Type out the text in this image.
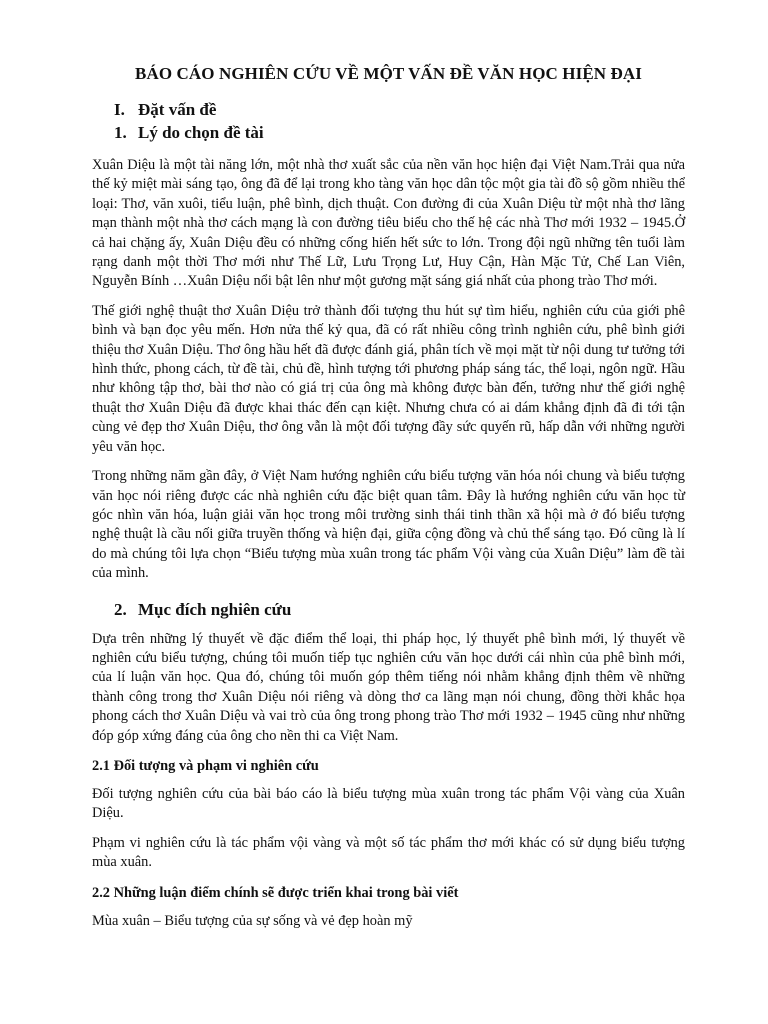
BÁO CÁO NGHIÊN CỨU VỀ MỘT VẤN ĐỀ VĂN HỌC HIỆN ĐẠI
I. Đặt vấn đề
1. Lý do chọn đề tài

Xuân Diệu là một tài năng lớn, một nhà thơ xuất sắc của nền văn học hiện đại Việt Nam.Trải qua nửa thế kỷ miệt mài sáng tạo, ông đã để lại trong kho tàng văn học dân tộc một gia tài đồ sộ gồm nhiều thể loại: Thơ, văn xuôi, tiểu luận, phê bình, dịch thuật. Con đường đi của Xuân Diệu từ một nhà thơ lãng mạn thành một nhà thơ cách mạng là con đường tiêu biểu cho thế hệ các nhà Thơ mới 1932 – 1945.Ở cả hai chặng ấy, Xuân Diệu đều có những cống hiến hết sức to lớn. Trong đội ngũ những tên tuổi làm rạng danh một thời Thơ mới như Thế Lữ, Lưu Trọng Lư, Huy Cận, Hàn Mặc Tử, Chế Lan Viên, Nguyễn Bính …Xuân Diệu nổi bật lên như một gương mặt sáng giá nhất của phong trào Thơ mới.

Thế giới nghệ thuật thơ Xuân Diệu trở thành đối tượng thu hút sự tìm hiểu, nghiên cứu của giới phê bình và bạn đọc yêu mến. Hơn nửa thế kỷ qua, đã có rất nhiều công trình nghiên cứu, phê bình giới thiệu thơ Xuân Diệu. Thơ ông hầu hết đã được đánh giá, phân tích về mọi mặt từ nội dung tư tưởng tới hình thức, phong cách, từ đề tài, chủ đề, hình tượng tới phương pháp sáng tác, thể loại, ngôn ngữ. Hầu như không tập thơ, bài thơ nào có giá trị của ông mà không được bàn đến, tưởng như thế giới nghệ thuật thơ Xuân Diệu đã được khai thác đến cạn kiệt. Nhưng chưa có ai dám khẳng định đã đi tới tận cùng vẻ đẹp thơ Xuân Diệu, thơ ông vẫn là một đối tượng đầy sức quyến rũ, hấp dẫn với những người yêu văn học.

Trong những năm gần đây, ở Việt Nam hướng nghiên cứu biểu tượng văn hóa nói chung và biểu tượng văn học nói riêng được các nhà nghiên cứu đặc biệt quan tâm. Đây là hướng nghiên cứu văn học từ góc nhìn văn hóa, luận giải văn học trong môi trường sinh thái tinh thần xã hội mà ở đó biểu tượng nghệ thuật là cầu nối giữa truyền thống và hiện đại, giữa cộng đồng và chủ thể sáng tạo. Đó cũng là lí do mà chúng tôi lựa chọn “Biểu tượng mùa xuân trong tác phẩm Vội vàng của Xuân Diệu” làm đề tài của mình.

2. Mục đích nghiên cứu

Dựa trên những lý thuyết về đặc điểm thể loại, thi pháp học, lý thuyết phê bình mới, lý thuyết về nghiên cứu biểu tượng, chúng tôi muốn tiếp tục nghiên cứu văn học dưới cái nhìn của phê bình mới, của lí luận văn học. Qua đó, chúng tôi muốn góp thêm tiếng nói nhằm khẳng định thêm về những thành công trong thơ Xuân Diệu nói riêng và dòng thơ ca lãng mạn nói chung, đồng thời khắc họa phong cách thơ Xuân Diệu và vai trò của ông trong phong trào Thơ mới 1932 – 1945 cũng như những đóp góp xứng đáng của ông cho nền thi ca Việt Nam.

2.1 Đối tượng và phạm vi nghiên cứu

Đối tượng nghiên cứu của bài báo cáo là biểu tượng mùa xuân trong tác phẩm Vội vàng của Xuân Diệu.

Phạm vi nghiên cứu là tác phẩm vội vàng và một số tác phẩm thơ mới khác có sử dụng biểu tượng mùa xuân.

2.2 Những luận điểm chính sẽ được triển khai trong bài viết

Mùa xuân – Biểu tượng của sự sống và vẻ đẹp hoàn mỹ
